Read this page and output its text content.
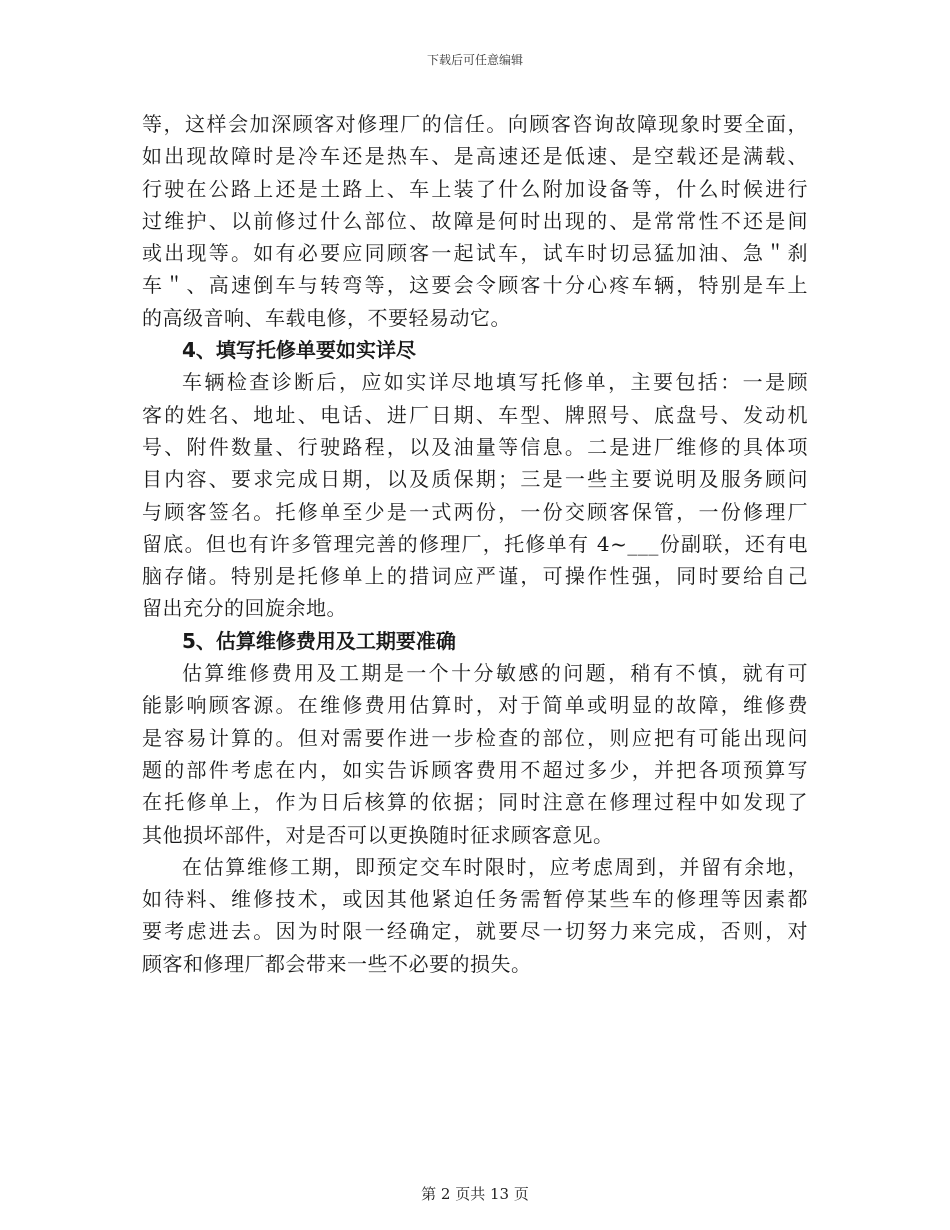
下载后可任意编辑
等，这样会加深顾客对修理厂的信任。向顾客咨询故障现象时要全面，
如出现故障时是冷车还是热车、是高速还是低速、是空载还是满载、
行驶在公路上还是土路上、车上装了什么附加设备等，什么时候进行
过维护、以前修过什么部位、故障是何时出现的、是常常性不还是间
或出现等。如有必要应同顾客一起试车，试车时切忌猛加油、急＂刹
车＂、高速倒车与转弯等，这要会令顾客十分心疼车辆，特别是车上
的高级音响、车载电修，不要轻易动它。
4、填写托修单要如实详尽
车辆检查诊断后，应如实详尽地填写托修单，主要包括：一是顾
客的姓名、地址、电话、进厂日期、车型、牌照号、底盘号、发动机
号、附件数量、行驶路程，以及油量等信息。二是进厂维修的具体项
目内容、要求完成日期，以及质保期；三是一些主要说明及服务顾问
与顾客签名。托修单至少是一式两份，一份交顾客保管，一份修理厂
留底。但也有许多管理完善的修理厂，托修单有 4~___份副联，还有电
脑存储。特别是托修单上的措词应严谨，可操作性强，同时要给自己
留出充分的回旋余地。
5、估算维修费用及工期要准确
估算维修费用及工期是一个十分敏感的问题，稍有不慎，就有可
能影响顾客源。在维修费用估算时，对于简单或明显的故障，维修费
是容易计算的。但对需要作进一步检查的部位，则应把有可能出现问
题的部件考虑在内，如实告诉顾客费用不超过多少，并把各项预算写
在托修单上，作为日后核算的依据；同时注意在修理过程中如发现了
其他损坏部件，对是否可以更换随时征求顾客意见。
在估算维修工期，即预定交车时限时，应考虑周到，并留有余地，
如待料、维修技术，或因其他紧迫任务需暂停某些车的修理等因素都
要考虑进去。因为时限一经确定，就要尽一切努力来完成，否则，对
顾客和修理厂都会带来一些不必要的损失。
第 2 页共 13 页
